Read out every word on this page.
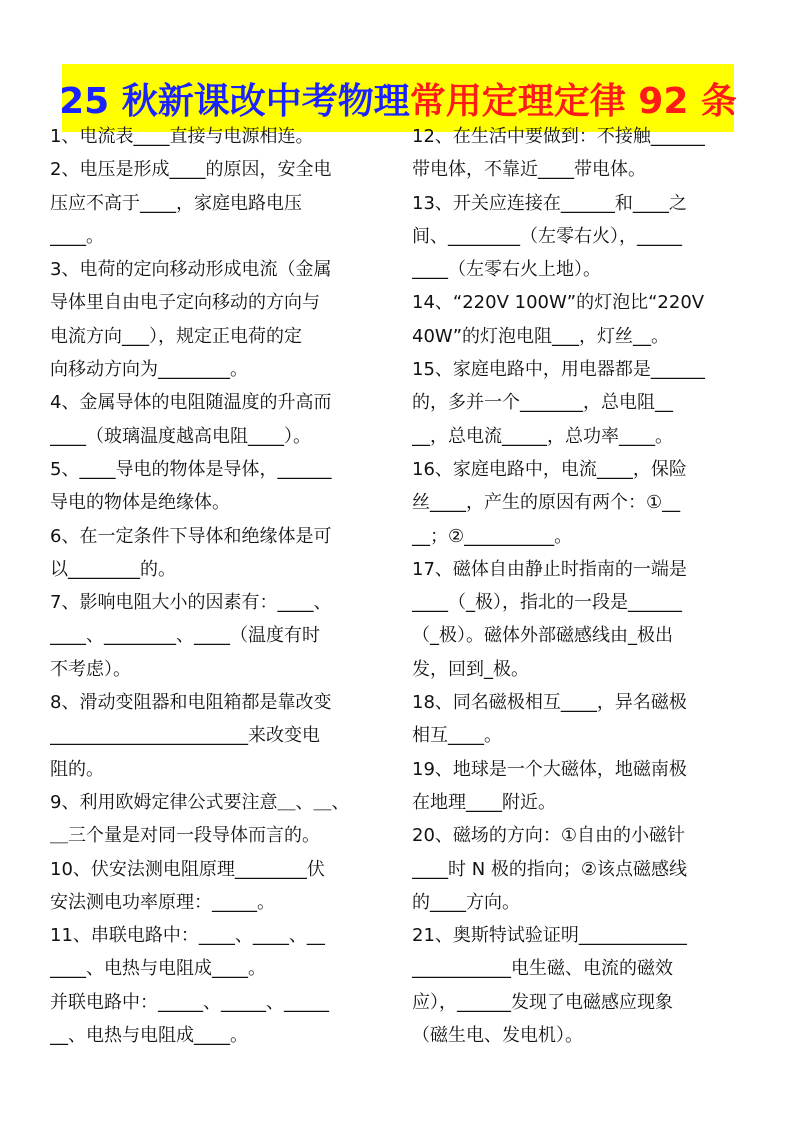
25 秋新课改中考物理 常用定理定律 92 条
1、电流表____直接与电源相连。
2、电压是形成____的原因，安全电
压应不高于____，家庭电路电压
____。
3、电荷的定向移动形成电流（金属
导体里自由电子定向移动的方向与
电流方向___），规定正电荷的定
向移动方向为________。
4、金属导体的电阻随温度的升高而
____（玻璃温度越高电阻____）。
5、____导电的物体是导体，______
导电的物体是绝缘体。
6、在一定条件下导体和绝缘体是可
以________的。
7、影响电阻大小的因素有：____、
____、________、____（温度有时
不考虑）。
8、滑动变阻器和电阻箱都是靠改变
______________________来改变电
阻的。
9、利用欧姆定律公式要注意＿、＿、
＿三个量是对同一段导体而言的。
10、伏安法测电阻原理________伏
安法测电功率原理：_____。
11、串联电路中：____、____、__
____、电热与电阻成____。
并联电路中：_____、_____、_____
__、电热与电阻成____。
12、在生活中要做到：不接触______
带电体，不靠近____带电体。
13、开关应连接在______和____之
间、________（左零右火），_____
____（左零右火上地）。
14、“220V 100W”的灯泡比“220V
40W”的灯泡电阻___，灯丝__。
15、家庭电路中，用电器都是______
的，多并一个_______，总电阻__
__，总电流_____，总功率____。
16、家庭电路中，电流____，保险
丝____，产生的原因有两个：①__
__；②__________。
17、磁体自由静止时指南的一端是
____（_极），指北的一段是______
（_极）。磁体外部磁感线由_极出
发，回到_极。
18、同名磁极相互____，异名磁极
相互____。
19、地球是一个大磁体，地磁南极
在地理____附近。
20、磁场的方向：①自由的小磁针
____时 N 极的指向；②该点磁感线
的____方向。
21、奥斯特试验证明____________
___________电生磁、电流的磁效
应），______发现了电磁感应现象
（磁生电、发电机）。
